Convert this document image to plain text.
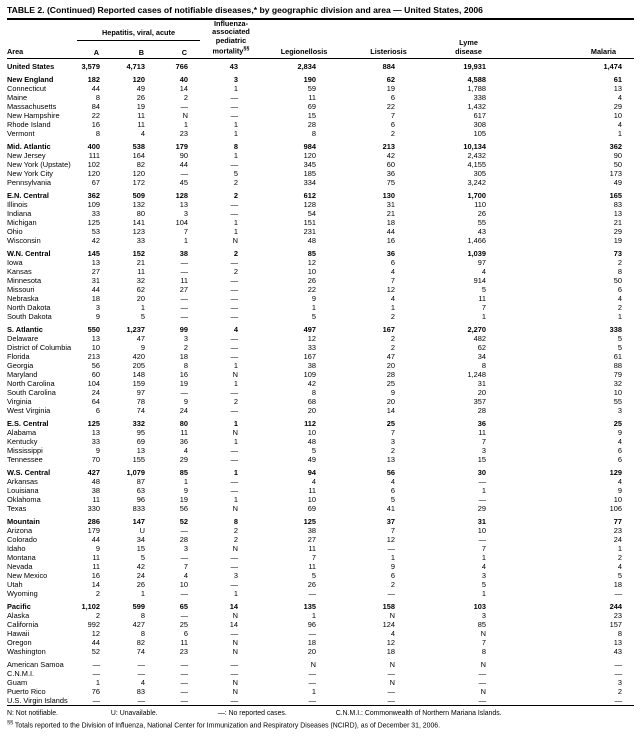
TABLE 2. (Continued) Reported cases of notifiable diseases,* by geographic division and area — United States, 2006
Area	Hepatitis, viral, acute			Influenza-associated pediatric mortality§§	Legionellosis	Listeriosis	Lyme disease	Malaria
	A	B	C					
United States	3,579	4,713	766	43	2,834	884	19,931	1,474

New England	182	120	40	3	190	62	4,588	61
Connecticut	44	49	14	1	59	19	1,788	13
Maine	8	26	2	—	11	6	338	4
Massachusetts	84	19	—	—	69	22	1,432	29
New Hampshire	22	11	N	—	15	7	617	10
Rhode Island	16	11	1	1	28	6	308	4
Vermont	8	4	23	1	8	2	105	1

Mid. Atlantic	400	538	179	8	984	213	10,134	362
New Jersey	111	164	90	1	120	42	2,432	90
New York (Upstate)	102	82	44	—	345	60	4,155	50
New York City	120	120	—	5	185	36	305	173
Pennsylvania	67	172	45	2	334	75	3,242	49

E.N. Central	362	509	128	2	612	130	1,700	165
Illinois	109	132	13	—	128	31	110	83
Indiana	33	80	3	—	54	21	26	13
Michigan	125	141	104	1	151	18	55	21
Ohio	53	123	7	1	231	44	43	29
Wisconsin	42	33	1	N	48	16	1,466	19

W.N. Central	145	152	38	2	85	36	1,039	73
Iowa	13	21	—	—	12	6	97	2
Kansas	27	11	—	2	10	4	4	8
Minnesota	31	32	11	—	26	7	914	50
Missouri	44	62	27	—	22	12	5	6
Nebraska	18	20	—	—	9	4	11	4
North Dakota	3	1	—	—	1	1	7	2
South Dakota	9	5	—	—	5	2	1	1

S. Atlantic	550	1,237	99	4	497	167	2,270	338
Delaware	13	47	3	—	12	2	482	5
District of Columbia	10	9	2	—	33	2	62	5
Florida	213	420	18	—	167	47	34	61
Georgia	56	205	8	1	38	20	8	88
Maryland	60	148	16	N	109	28	1,248	79
North Carolina	104	159	19	1	42	25	31	32
South Carolina	24	97	—	—	8	9	20	10
Virginia	64	78	9	2	68	20	357	55
West Virginia	6	74	24	—	20	14	28	3

E.S. Central	125	332	80	1	112	25	36	25
Alabama	13	95	11	N	10	7	11	9
Kentucky	33	69	36	1	48	3	7	4
Mississippi	9	13	4	—	5	2	3	6
Tennessee	70	155	29	—	49	13	15	6

W.S. Central	427	1,079	85	1	94	56	30	129
Arkansas	48	87	1	—	4	4	—	4
Louisiana	38	63	9	—	11	6	1	9
Oklahoma	11	96	19	1	10	5	—	10
Texas	330	833	56	N	69	41	29	106

Mountain	286	147	52	8	125	37	31	77
Arizona	179	U	—	2	38	7	10	23
Colorado	44	34	28	2	27	12	—	24
Idaho	9	15	3	N	11	—	7	1
Montana	11	5	—	—	7	1	1	2
Nevada	11	42	7	—	11	9	4	4
New Mexico	16	24	4	3	5	6	3	5
Utah	14	26	10	—	26	2	5	18
Wyoming	2	1	—	1	—	—	1	—

Pacific	1,102	599	65	14	135	158	103	244
Alaska	2	8	—	N	1	N	3	23
California	992	427	25	14	96	124	85	157
Hawaii	12	8	6	—	—	4	N	8
Oregon	44	82	11	N	18	12	7	13
Washington	52	74	23	N	20	18	8	43

American Samoa	—	—	—	—	N	N	N	—
C.N.M.I.	—	—	—	—	—	—	—	—
Guam	1	4	—	N	—	N	—	3
Puerto Rico	76	83	—	N	1	—	N	2
U.S. Virgin Islands	—	—	—	—	—	—	—	—
N: Not notifiable.	U: Unavailable.	—: No reported cases.	C.N.M.I.: Commonwealth of Northern Mariana Islands.
§§ Totals reported to the Division of Influenza, National Center for Immunization and Respiratory Diseases (NCIRD), as of December 31, 2006.
